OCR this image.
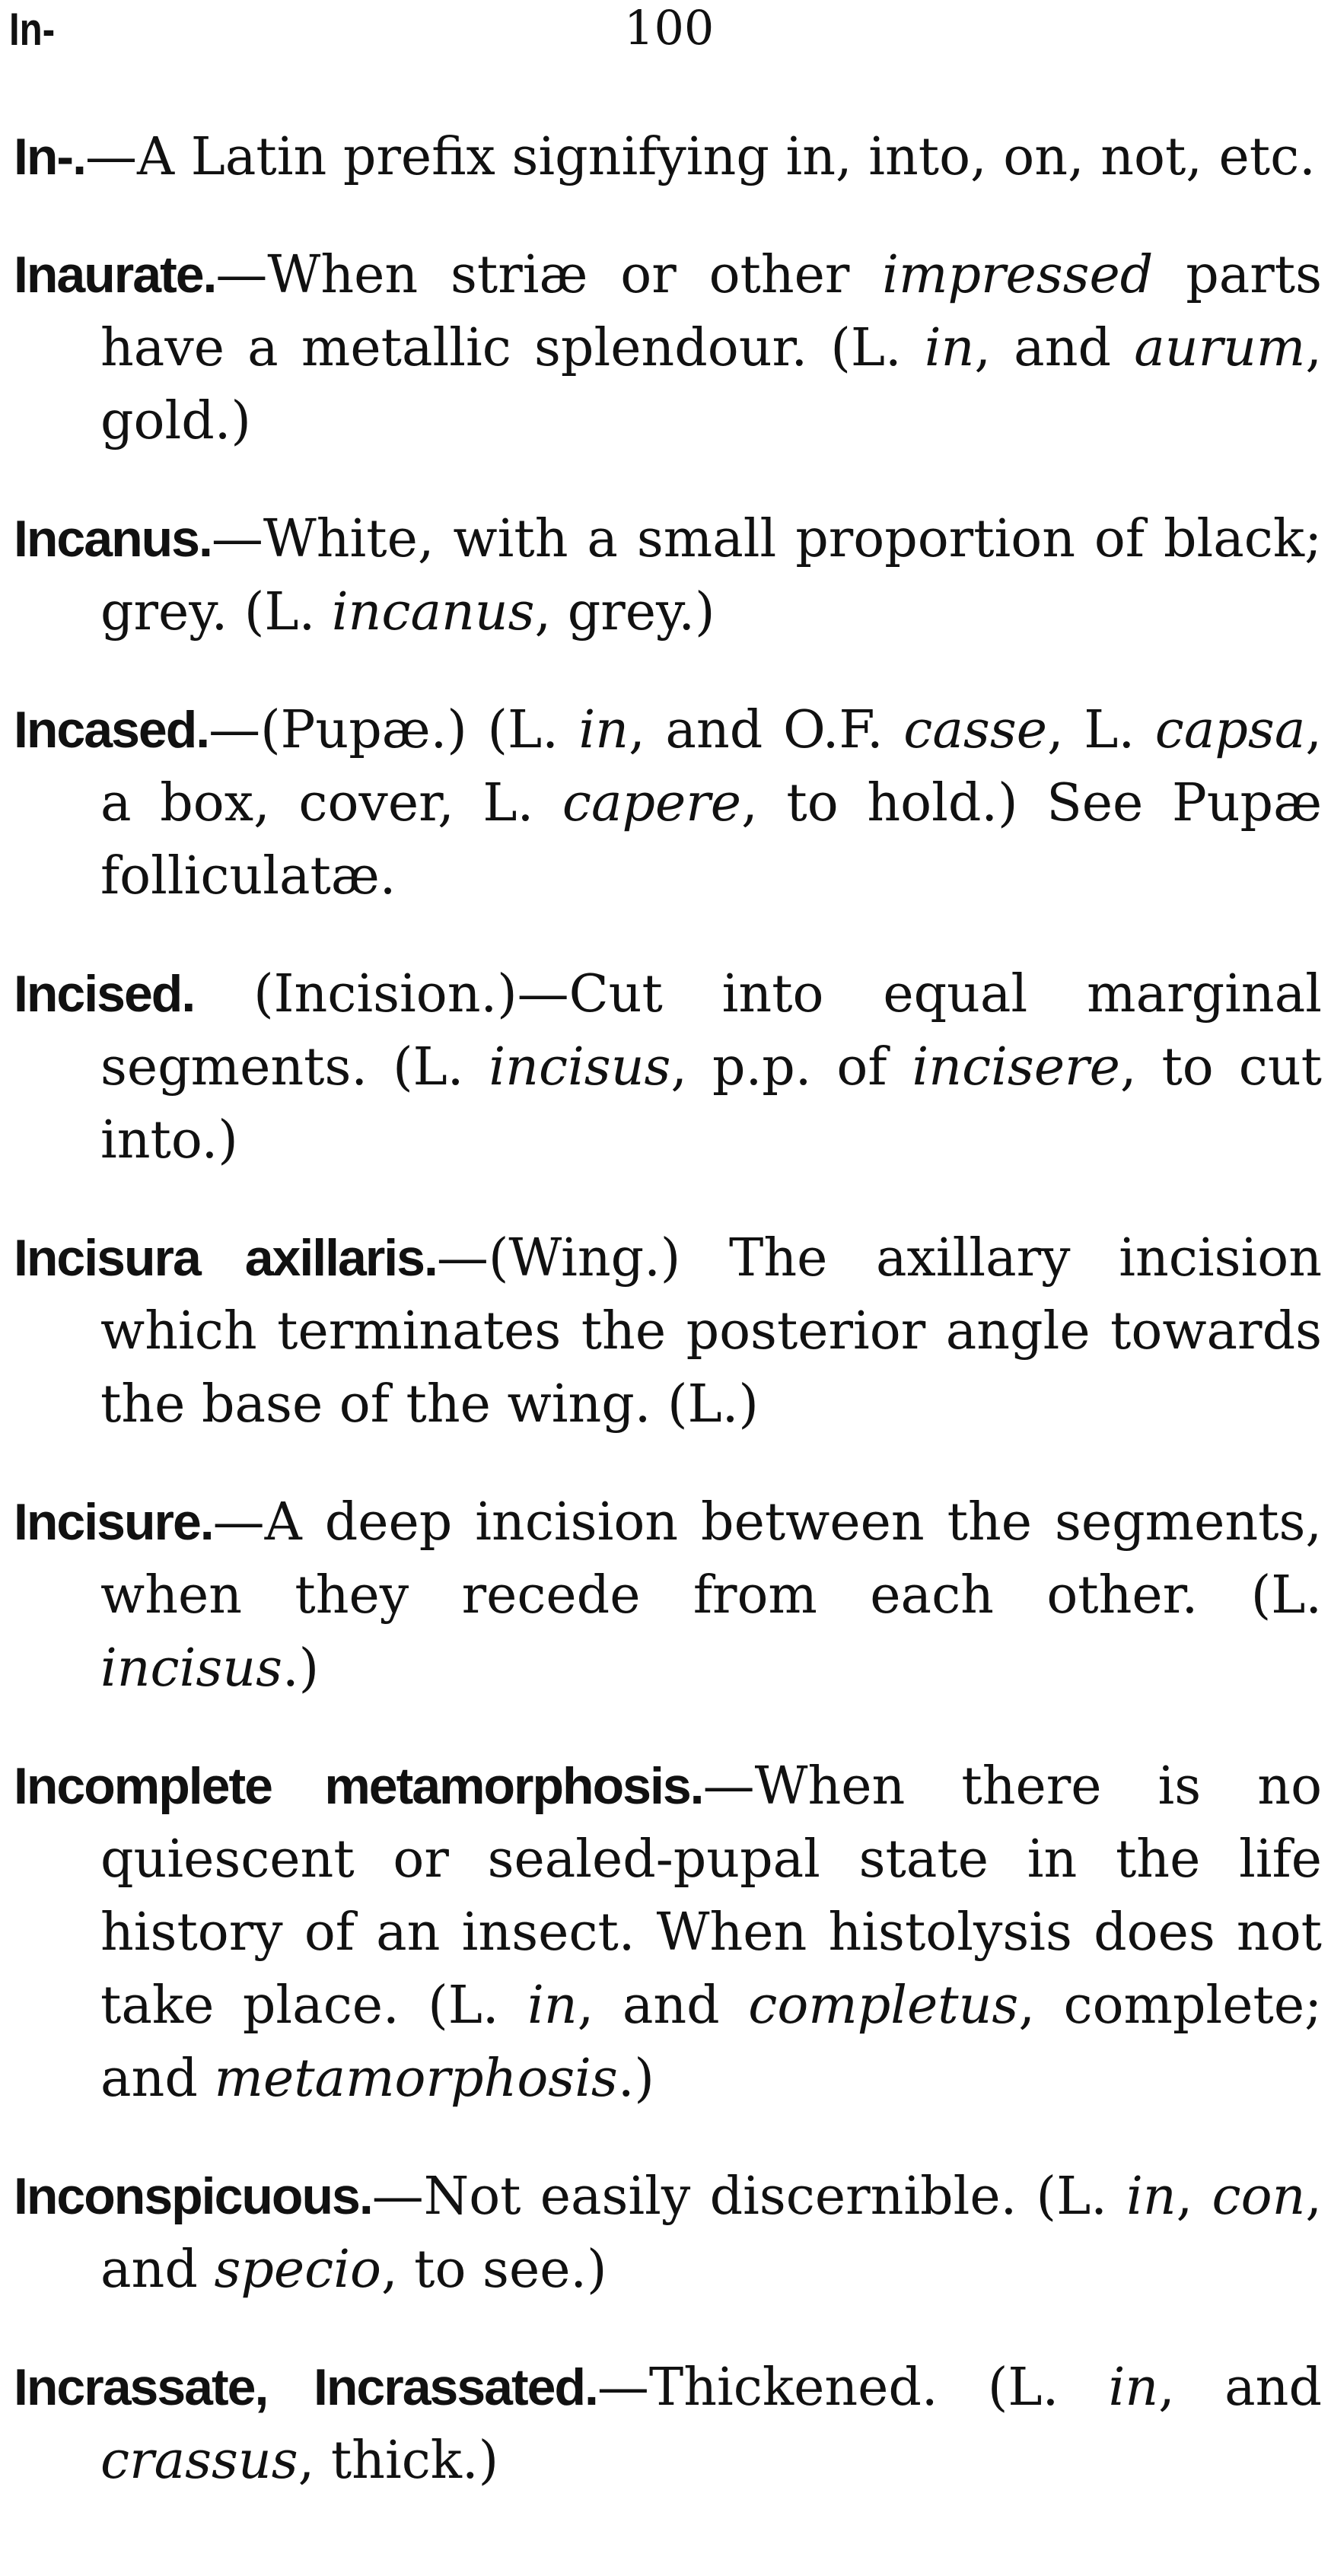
In-	100

In-.—A Latin prefix signifying in, into, on, not, etc.

Inaurate.—When striæ or other impressed parts have a metallic splendour. (L. in, and aurum, gold.)

Incanus.—White, with a small proportion of black; grey. (L. incanus, grey.)

Incased.—(Pupæ.) (L. in, and O.F. casse, L. capsa, a box, cover, L. capere, to hold.) See Pupæ folliculatæ.

Incised. (Incision.)—Cut into equal marginal segments. (L. incisus, p.p. of incisere, to cut into.)

Incisura axillaris.—(Wing.) The axillary incision which terminates the posterior angle towards the base of the wing. (L.)

Incisure.—A deep incision between the segments, when they recede from each other. (L. incisus.)

Incomplete metamorphosis.—When there is no quiescent or sealed-pupal state in the life history of an insect. When histolysis does not take place. (L. in, and completus, complete; and metamorphosis.)

Inconspicuous.—Not easily discernible. (L. in, con, and specio, to see.)

Incrassate, Incrassated.—Thickened. (L. in, and crassus, thick.)
